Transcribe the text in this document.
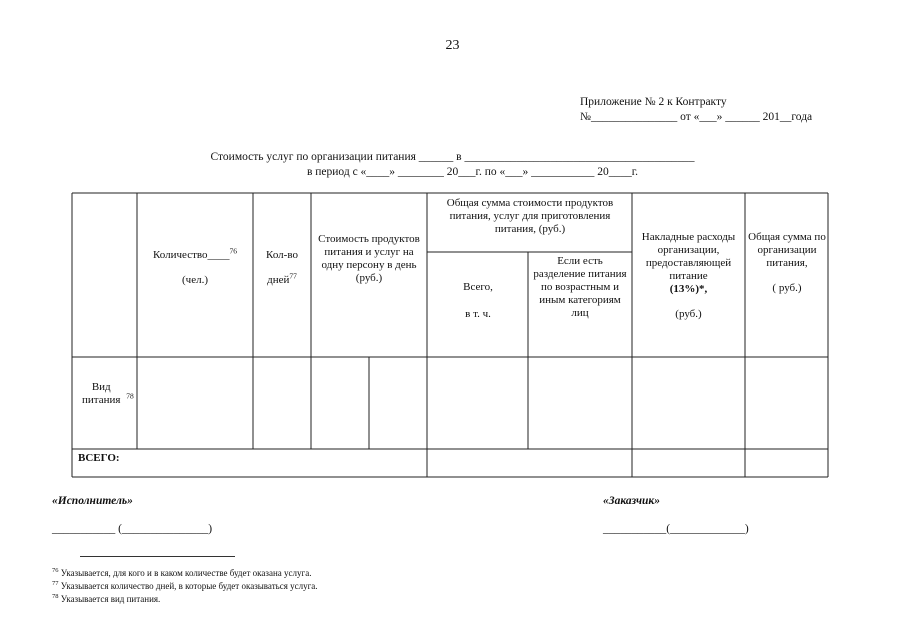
23
Приложение № 2 к Контракту
№_______________ от «___» ______ 201__года
Стоимость услуг по организации питания ______ в ________________________________________
в период с «____» ________ 20___г. по «___» ___________ 20____г.
Количество____$^{76}$
(чел.)
Кол-во
дней$^{77}$
Стоимость продуктов питания и услуг на одну персону в день (руб.)
Общая сумма стоимости продуктов питания, услуг для приготовления питания, (руб.)
Всего,
в т. ч.
Если есть разделение питания по возрастным и иным категориям лиц
Накладные расходы организации, предоставляющей питание
(13%)*,
(руб.)
Общая сумма по организации питания,
( руб.)
Вид питания $^{78}$
ВСЕГО:
«Исполнитель»
___________ (_______________)
«Заказчик»
___________(_____________)
$^{76}$ Указывается, для кого и в каком количестве будет оказана услуга.
$^{77}$ Указывается количество дней, в которые будет оказываться услуга.
$^{78}$ Указывается вид питания.
